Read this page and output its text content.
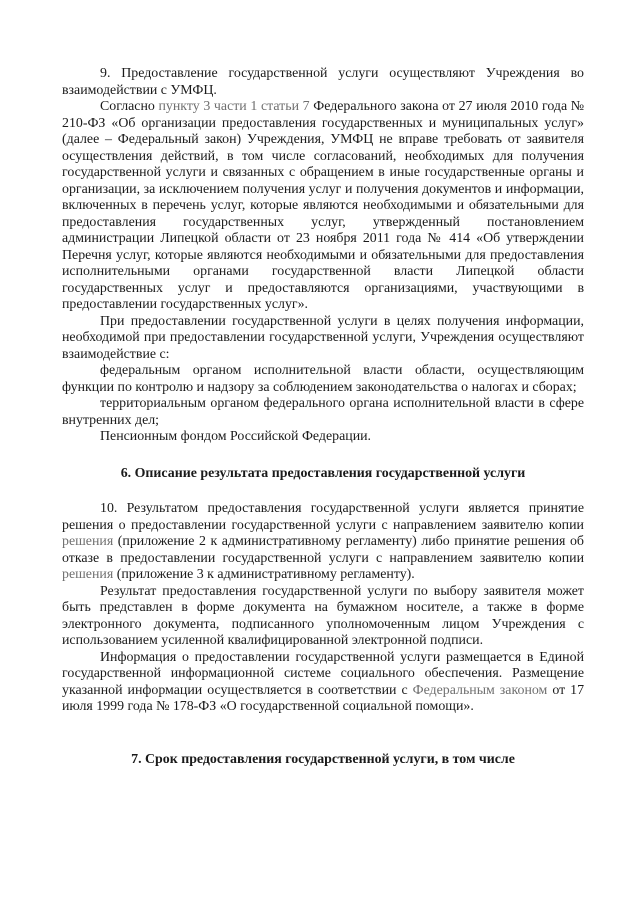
9. Предоставление государственной услуги осуществляют Учреждения во взаимодействии с УМФЦ.

Согласно пункту 3 части 1 статьи 7 Федерального закона от 27 июля 2010 года № 210-ФЗ «Об организации предоставления государственных и муниципальных услуг» (далее – Федеральный закон) Учреждения, УМФЦ не вправе требовать от заявителя осуществления действий, в том числе согласований, необходимых для получения государственной услуги и связанных с обращением в иные государственные органы и организации, за исключением получения услуг и получения документов и информации, включенных в перечень услуг, которые являются необходимыми и обязательными для предоставления государственных услуг, утвержденный постановлением администрации Липецкой области от 23 ноября 2011 года № 414 «Об утверждении Перечня услуг, которые являются необходимыми и обязательными для предоставления исполнительными органами государственной власти Липецкой области государственных услуг и предоставляются организациями, участвующими в предоставлении государственных услуг».

При предоставлении государственной услуги в целях получения информации, необходимой при предоставлении государственной услуги, Учреждения осуществляют взаимодействие с:

федеральным органом исполнительной власти области, осуществляющим функции по контролю и надзору за соблюдением законодательства о налогах и сборах;

территориальным органом федерального органа исполнительной власти в сфере внутренних дел;

Пенсионным фондом Российской Федерации.

6. Описание результата предоставления государственной услуги

10. Результатом предоставления государственной услуги является принятие решения о предоставлении государственной услуги с направлением заявителю копии решения (приложение 2 к административному регламенту) либо принятие решения об отказе в предоставлении государственной услуги с направлением заявителю копии решения (приложение 3 к административному регламенту).

Результат предоставления государственной услуги по выбору заявителя может быть представлен в форме документа на бумажном носителе, а также в форме электронного документа, подписанного уполномоченным лицом Учреждения с использованием усиленной квалифицированной электронной подписи.

Информация о предоставлении государственной услуги размещается в Единой государственной информационной системе социального обеспечения. Размещение указанной информации осуществляется в соответствии с Федеральным законом от 17 июля 1999 года № 178-ФЗ «О государственной социальной помощи».

7. Срок предоставления государственной услуги, в том числе
